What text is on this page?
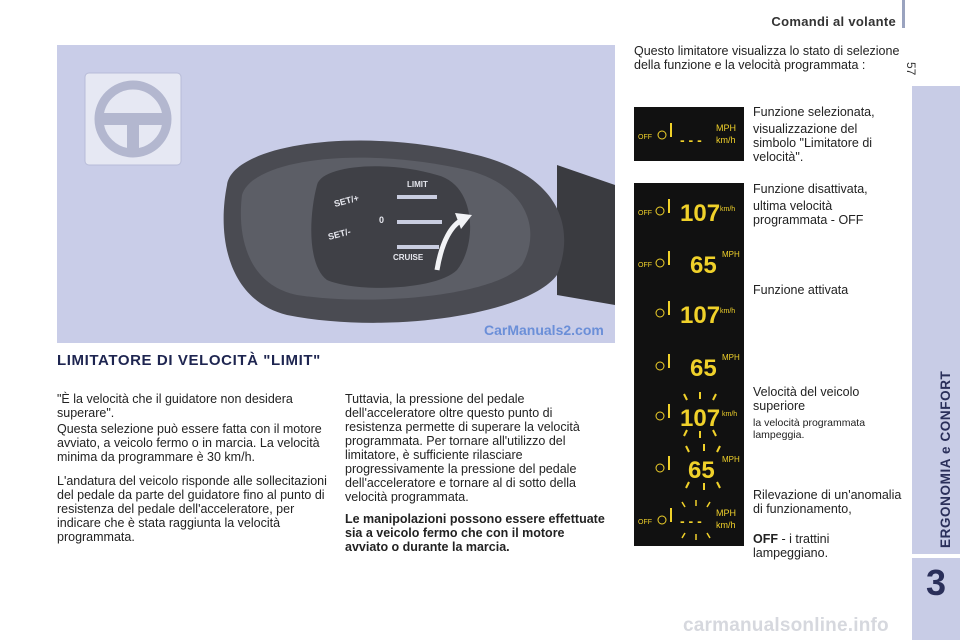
Comandi al volante
57
ERGONOMIA e CONFORT
3
SET/+
SET/-
LIMIT
CRUISE
0
CarManuals2.com
LIMITATORE DI VELOCITÀ "LIMIT"
"È la velocità che il guidatore non desidera superare".
Questa selezione può essere fatta con il motore avviato, a veicolo fermo o in marcia. La velocità minima da programmare è 30 km/h.
L'andatura del veicolo risponde alle sollecitazioni del pedale da parte del guidatore fino al punto di resistenza del pedale dell'acceleratore, per indicare che è stata raggiunta la velocità programmata.
Tuttavia, la pressione del pedale dell'acceleratore oltre questo punto di resistenza permette di superare la velocità programmata. Per tornare all'utilizzo del limitatore, è sufficiente rilasciare progressivamente la pressione del pedale dell'acceleratore e tornare al di sotto della velocità programmata.
Le manipolazioni possono essere effettuate sia a veicolo fermo che con il motore avviato o durante la marcia.
Questo limitatore visualizza lo stato di selezione della funzione e la velocità programmata :
OFF - - -
MPH
km/h
OFF 107 km/h
OFF 65 MPH
107 km/h
65 MPH
107 km/h
65 MPH
OFF - - - MPH
km/h
Funzione selezionata,
visualizzazione del simbolo "Limitatore di velocità".
Funzione disattivata,
ultima velocità programmata - OFF
Funzione attivata
Velocità del veicolo superiore
la velocità programmata lampeggia.
Rilevazione di un'anomalia di funzionamento,
OFF - i trattini lampeggiano.
carmanualsonline.info
